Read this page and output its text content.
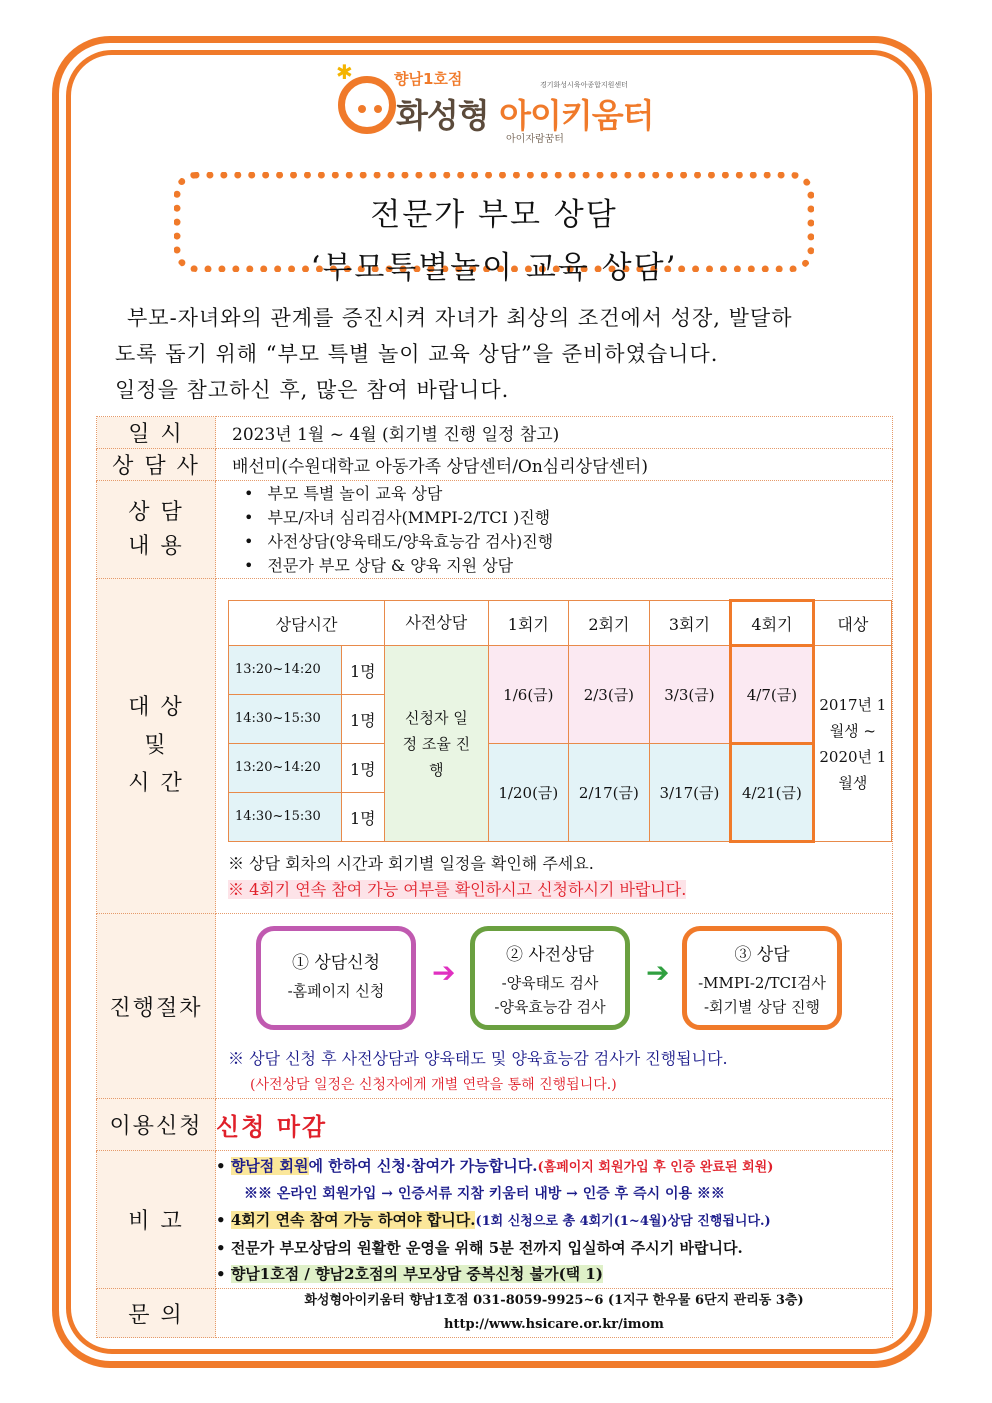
✱	향남1호점	경기화성시육아종합지원센터
화성형 아이키움터
아이자람꿈터
전문가 부모 상담
‘부모특별놀이 교육 상담’

부모-자녀와의 관계를 증진시켜 자녀가 최상의 조건에서 성장, 발달하

도록 돕기 위해 “부모 특별 놀이 교육 상담”을 준비하였습니다.

일정을 참고하신 후, 많은 참여 바랍니다.

일 시	2023년 1월 ~ 4월 (회기별 진행 일정 참고)
상 담 사	배선미(수원대학교 아동가족 상담센터/On심리상담센터)

상 담
내 용

• 부모 특별 놀이 교육 상담
• 부모/자녀 심리검사(MMPI-2/TCI )진행
• 사전상담(양육태도/양육효능감 검사)진행
• 전문가 부모 상담 & 양육 지원 상담

대 상
및
시 간

상담시간	사전상담	1회기	2회기	3회기	4회기	대상
13:20~14:20	1명	신청자 일정 조율 진행	1/6(금)	2/3(금)	3/3(금)	4/7(금)	2017년 1월생 ~ 2020년 1월생
14:30~15:30	1명
13:20~14:20	1명	1/20(금)	2/17(금)	3/17(금)	4/21(금)
14:30~15:30	1명
※ 상담 회차의 시간과 회기별 일정을 확인해 주세요.
※ 4회기 연속 참여 가능 여부를 확인하시고 신청하시기 바랍니다.

진행절차	
① 상담신청
-홈페이지 신청
➔
② 사전상담
-양육태도 검사
-양육효능감 검사
➔
③ 상담
-MMPI-2/TCI검사
-회기별 상담 진행
※ 상담 신청 후 사전상담과 양육태도 및 양육효능감 검사가 진행됩니다.
(사전상담 일정은 신청자에게 개별 연락을 통해 진행됩니다.)

이용신청	신청 마감
비 고	
• 향남점 회원에 한하여 신청·참여가 가능합니다.(홈페이지 회원가입 후 인증 완료된 회원)
※※ 온라인 회원가입 → 인증서류 지참 키움터 내방 → 인증 후 즉시 이용 ※※
• 4회기 연속 참여 가능 하여야 합니다.(1회 신청으로 총 4회기(1~4월)상담 진행됩니다.)
• 전문가 부모상담의 원활한 운영을 위해 5분 전까지 입실하여 주시기 바랍니다.
• 향남1호점 / 향남2호점의 부모상담 중복신청 불가(택 1)

문 의	
화성형아이키움터 향남1호점 031-8059-9925~6 (1지구 한우물 6단지 관리동 3층)
http://www.hsicare.or.kr/imom
